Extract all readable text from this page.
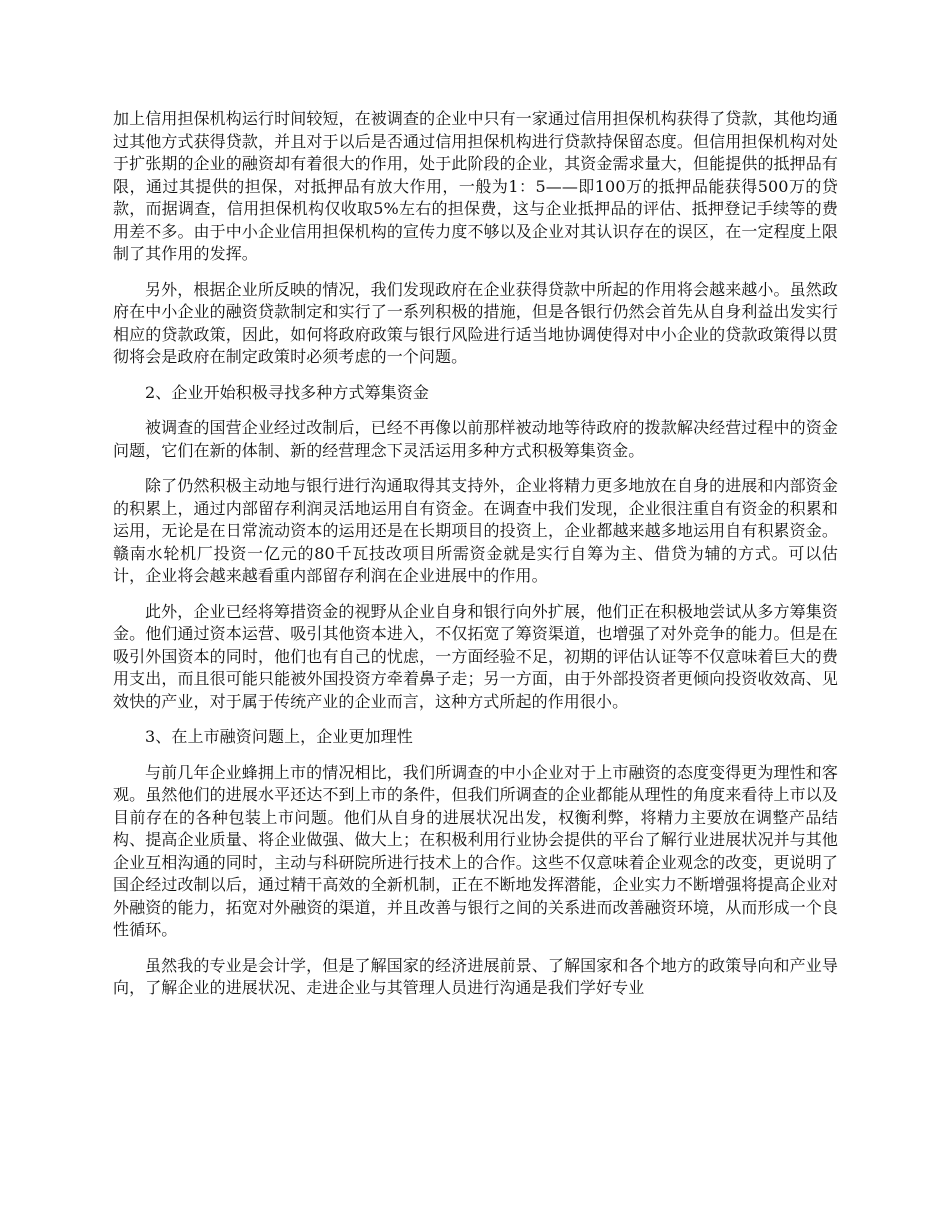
加上信用担保机构运行时间较短，在被调查的企业中只有一家通过信用担保机构获得了贷款，其他均通过其他方式获得贷款，并且对于以后是否通过信用担保机构进行贷款持保留态度。但信用担保机构对处于扩张期的企业的融资却有着很大的作用，处于此阶段的企业，其资金需求量大，但能提供的抵押品有限，通过其提供的担保，对抵押品有放大作用，一般为1：5——即100万的抵押品能获得500万的贷款，而据调查，信用担保机构仅收取5%左右的担保费，这与企业抵押品的评估、抵押登记手续等的费用差不多。由于中小企业信用担保机构的宣传力度不够以及企业对其认识存在的误区，在一定程度上限制了其作用的发挥。

另外，根据企业所反映的情况，我们发现政府在企业获得贷款中所起的作用将会越来越小。虽然政府在中小企业的融资贷款制定和实行了一系列积极的措施，但是各银行仍然会首先从自身利益出发实行相应的贷款政策，因此，如何将政府政策与银行风险进行适当地协调使得对中小企业的贷款政策得以贯彻将会是政府在制定政策时必须考虑的一个问题。

2、企业开始积极寻找多种方式筹集资金

被调查的国营企业经过改制后，已经不再像以前那样被动地等待政府的拨款解决经营过程中的资金问题，它们在新的体制、新的经营理念下灵活运用多种方式积极筹集资金。

除了仍然积极主动地与银行进行沟通取得其支持外，企业将精力更多地放在自身的进展和内部资金的积累上，通过内部留存利润灵活地运用自有资金。在调查中我们发现，企业很注重自有资金的积累和运用，无论是在日常流动资本的运用还是在长期项目的投资上，企业都越来越多地运用自有积累资金。赣南水轮机厂投资一亿元的80千瓦技改项目所需资金就是实行自筹为主、借贷为辅的方式。可以估计，企业将会越来越看重内部留存利润在企业进展中的作用。

此外，企业已经将筹措资金的视野从企业自身和银行向外扩展，他们正在积极地尝试从多方筹集资金。他们通过资本运营、吸引其他资本进入，不仅拓宽了筹资渠道，也增强了对外竞争的能力。但是在吸引外国资本的同时，他们也有自己的忧虑，一方面经验不足，初期的评估认证等不仅意味着巨大的费用支出，而且很可能只能被外国投资方牵着鼻子走；另一方面，由于外部投资者更倾向投资收效高、见效快的产业，对于属于传统产业的企业而言，这种方式所起的作用很小。

3、在上市融资问题上，企业更加理性

与前几年企业蜂拥上市的情况相比，我们所调查的中小企业对于上市融资的态度变得更为理性和客观。虽然他们的进展水平还达不到上市的条件，但我们所调查的企业都能从理性的角度来看待上市以及目前存在的各种包装上市问题。他们从自身的进展状况出发，权衡利弊，将精力主要放在调整产品结构、提高企业质量、将企业做强、做大上；在积极利用行业协会提供的平台了解行业进展状况并与其他企业互相沟通的同时，主动与科研院所进行技术上的合作。这些不仅意味着企业观念的改变，更说明了国企经过改制以后，通过精干高效的全新机制，正在不断地发挥潜能，企业实力不断增强将提高企业对外融资的能力，拓宽对外融资的渠道，并且改善与银行之间的关系进而改善融资环境，从而形成一个良性循环。

虽然我的专业是会计学，但是了解国家的经济进展前景、了解国家和各个地方的政策导向和产业导向，了解企业的进展状况、走进企业与其管理人员进行沟通是我们学好专业
